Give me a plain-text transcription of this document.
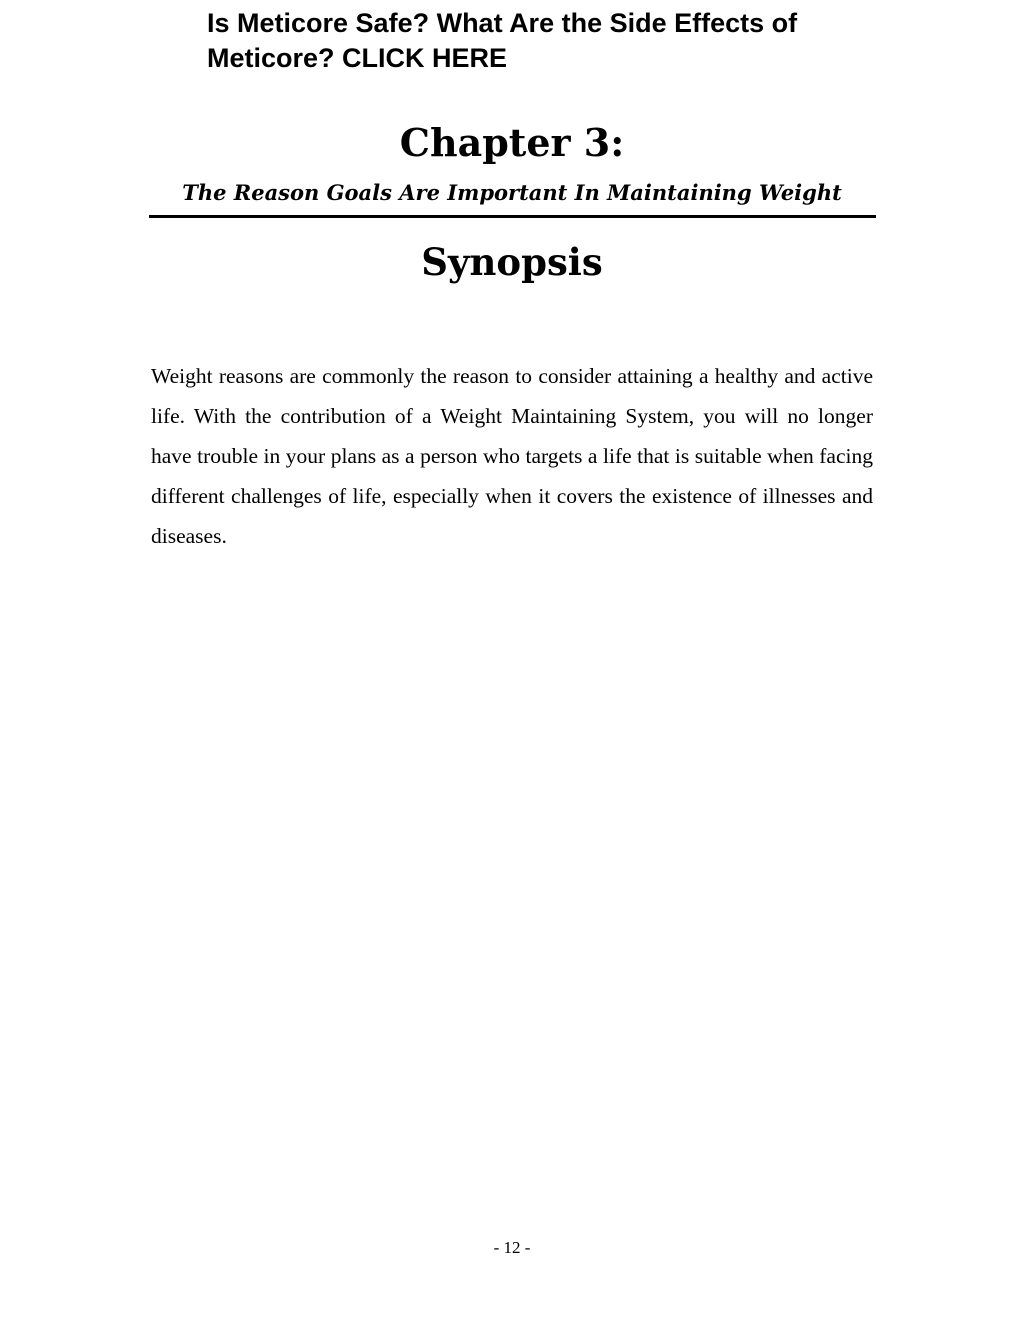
Is Meticore Safe? What Are the Side Effects of Meticore? CLICK HERE
Chapter 3:
The Reason Goals Are Important In Maintaining Weight
Synopsis

Weight reasons are commonly the reason to consider attaining a healthy and active life. With the contribution of a Weight Maintaining System, you will no longer have trouble in your plans as a person who targets a life that is suitable when facing different challenges of life, especially when it covers the existence of illnesses and diseases.

- 12 -
